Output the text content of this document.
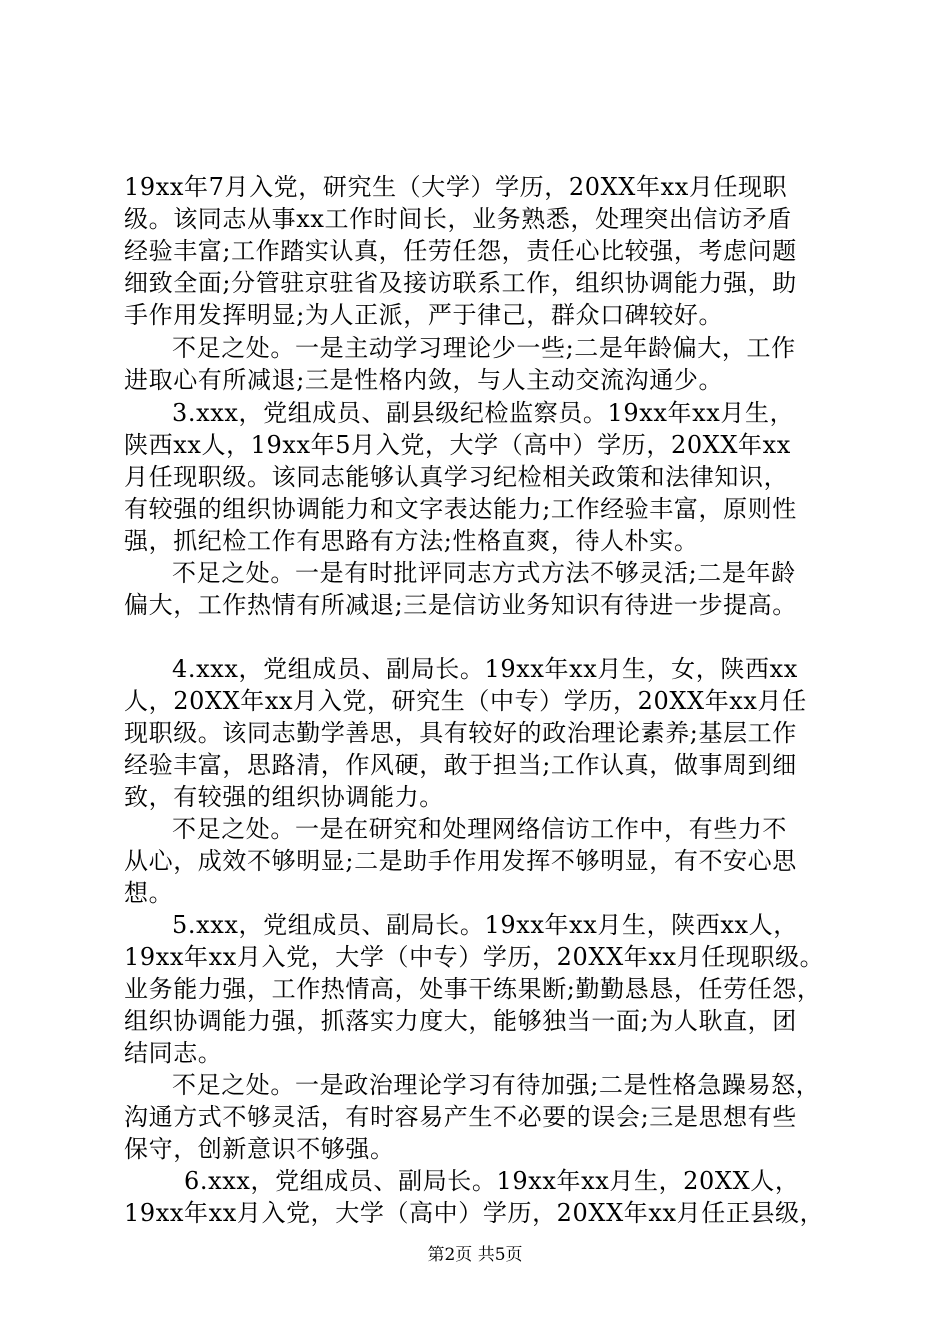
19xx年7月入党，研究生（大学）学历，20XX年xx月任现职
级。该同志从事xx工作时间长，业务熟悉，处理突出信访矛盾
经验丰富;工作踏实认真，任劳任怨，责任心比较强，考虑问题
细致全面;分管驻京驻省及接访联系工作，组织协调能力强，助
手作用发挥明显;为人正派，严于律己，群众口碑较好。
不足之处。一是主动学习理论少一些;二是年龄偏大，工作
进取心有所减退;三是性格内敛，与人主动交流沟通少。
3.xxx，党组成员、副县级纪检监察员。19xx年xx月生，
陕西xx人，19xx年5月入党，大学（高中）学历，20XX年xx
月任现职级。该同志能够认真学习纪检相关政策和法律知识，
有较强的组织协调能力和文字表达能力;工作经验丰富，原则性
强，抓纪检工作有思路有方法;性格直爽，待人朴实。
不足之处。一是有时批评同志方式方法不够灵活;二是年龄
偏大，工作热情有所减退;三是信访业务知识有待进一步提高。
4.xxx，党组成员、副局长。19xx年xx月生，女，陕西xx
人，20XX年xx月入党，研究生（中专）学历，20XX年xx月任
现职级。该同志勤学善思，具有较好的政治理论素养;基层工作
经验丰富，思路清，作风硬，敢于担当;工作认真，做事周到细
致，有较强的组织协调能力。
不足之处。一是在研究和处理网络信访工作中，有些力不
从心，成效不够明显;二是助手作用发挥不够明显，有不安心思
想。
5.xxx，党组成员、副局长。19xx年xx月生，陕西xx人，
19xx年xx月入党，大学（中专）学历，20XX年xx月任现职级。
业务能力强，工作热情高，处事干练果断;勤勤恳恳，任劳任怨，
组织协调能力强，抓落实力度大，能够独当一面;为人耿直，团
结同志。
不足之处。一是政治理论学习有待加强;二是性格急躁易怒，
沟通方式不够灵活，有时容易产生不必要的误会;三是思想有些
保守，创新意识不够强。
6.xxx，党组成员、副局长。19xx年xx月生，20XX人，
19xx年xx月入党，大学（高中）学历，20XX年xx月任正县级，
第2页 共5页
